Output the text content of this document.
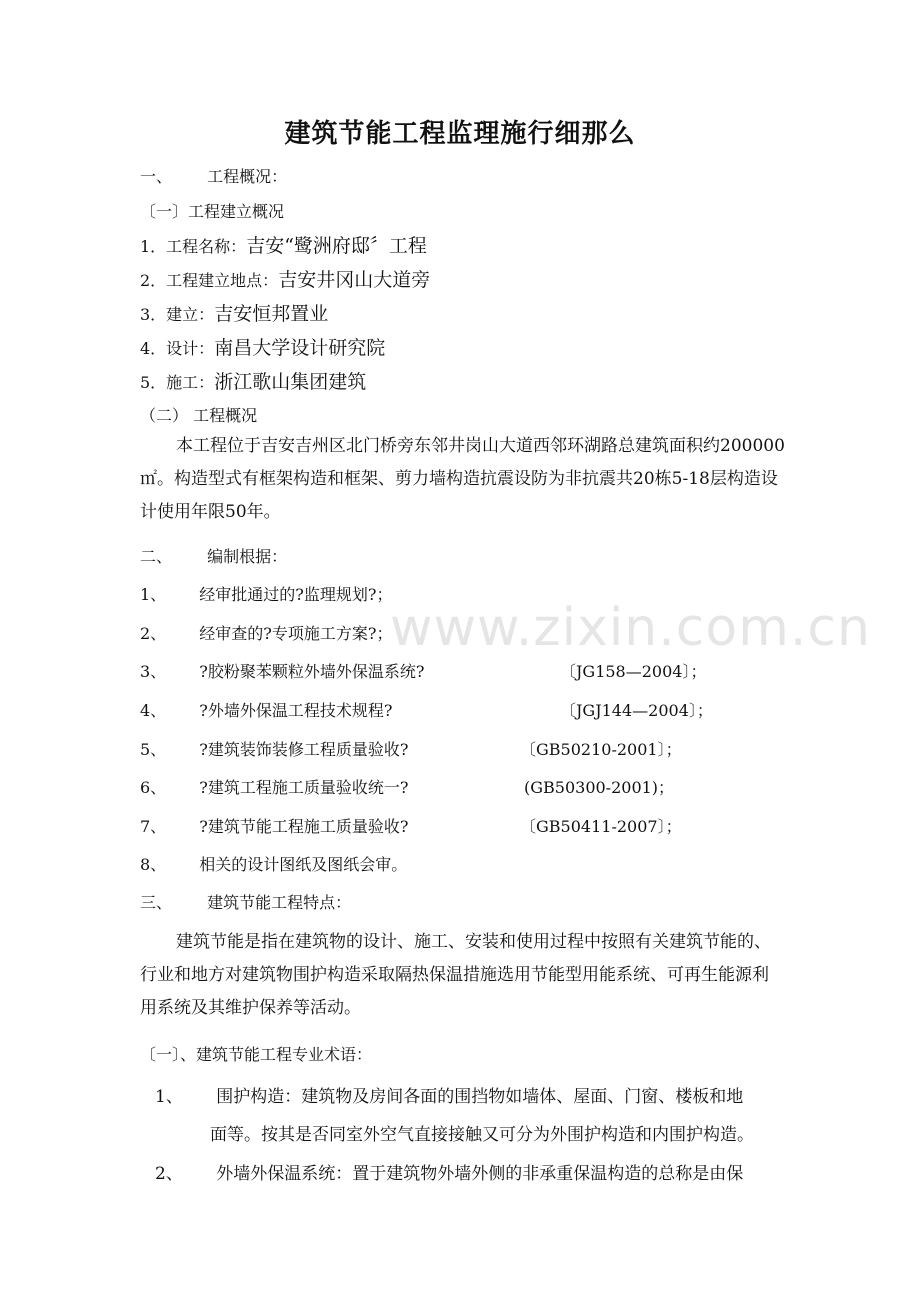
www.zixin.com.cn
建筑节能工程监理施行细那么
一、 工程概况：
〔一〕工程建立概况
1．工程名称：吉安“鹭洲府邸〞工程
2．工程建立地点：吉安井冈山大道旁
3．建立：吉安恒邦置业
4．设计：南昌大学设计研究院
5．施工：浙江歌山集团建筑
（二） 工程概况
本工程位于吉安吉州区北门桥旁东邻井岗山大道西邻环湖路总建筑面积约200000㎡。构造型式有框架构造和框架、剪力墙构造抗震设防为非抗震共20栋5-18层构造设计使用年限50年。
二、 编制根据：
1、 经审批通过的?监理规划?；
2、 经审查的?专项施工方案?；
3、 ?胶粉聚苯颗粒外墙外保温系统?	〔JG158—2004〕；
4、 ?外墙外保温工程技术规程?	〔JGJ144—2004〕；
5、 ?建筑装饰装修工程质量验收?	〔GB50210-2001〕；
6、 ?建筑工程施工质量验收统一?	(GB50300-2001)；
7、 ?建筑节能工程施工质量验收?	〔GB50411-2007〕；
8、 相关的设计图纸及图纸会审。
三、 建筑节能工程特点：
建筑节能是指在建筑物的设计、施工、安装和使用过程中按照有关建筑节能的、行业和地方对建筑物围护构造采取隔热保温措施选用节能型用能系统、可再生能源利用系统及其维护保养等活动。
〔一〕、建筑节能工程专业术语：
1、 围护构造：建筑物及房间各面的围挡物如墙体、屋面、门窗、楼板和地
面等。按其是否同室外空气直接接触又可分为外围护构造和内围护构造。
2、 外墙外保温系统：置于建筑物外墙外侧的非承重保温构造的总称是由保
